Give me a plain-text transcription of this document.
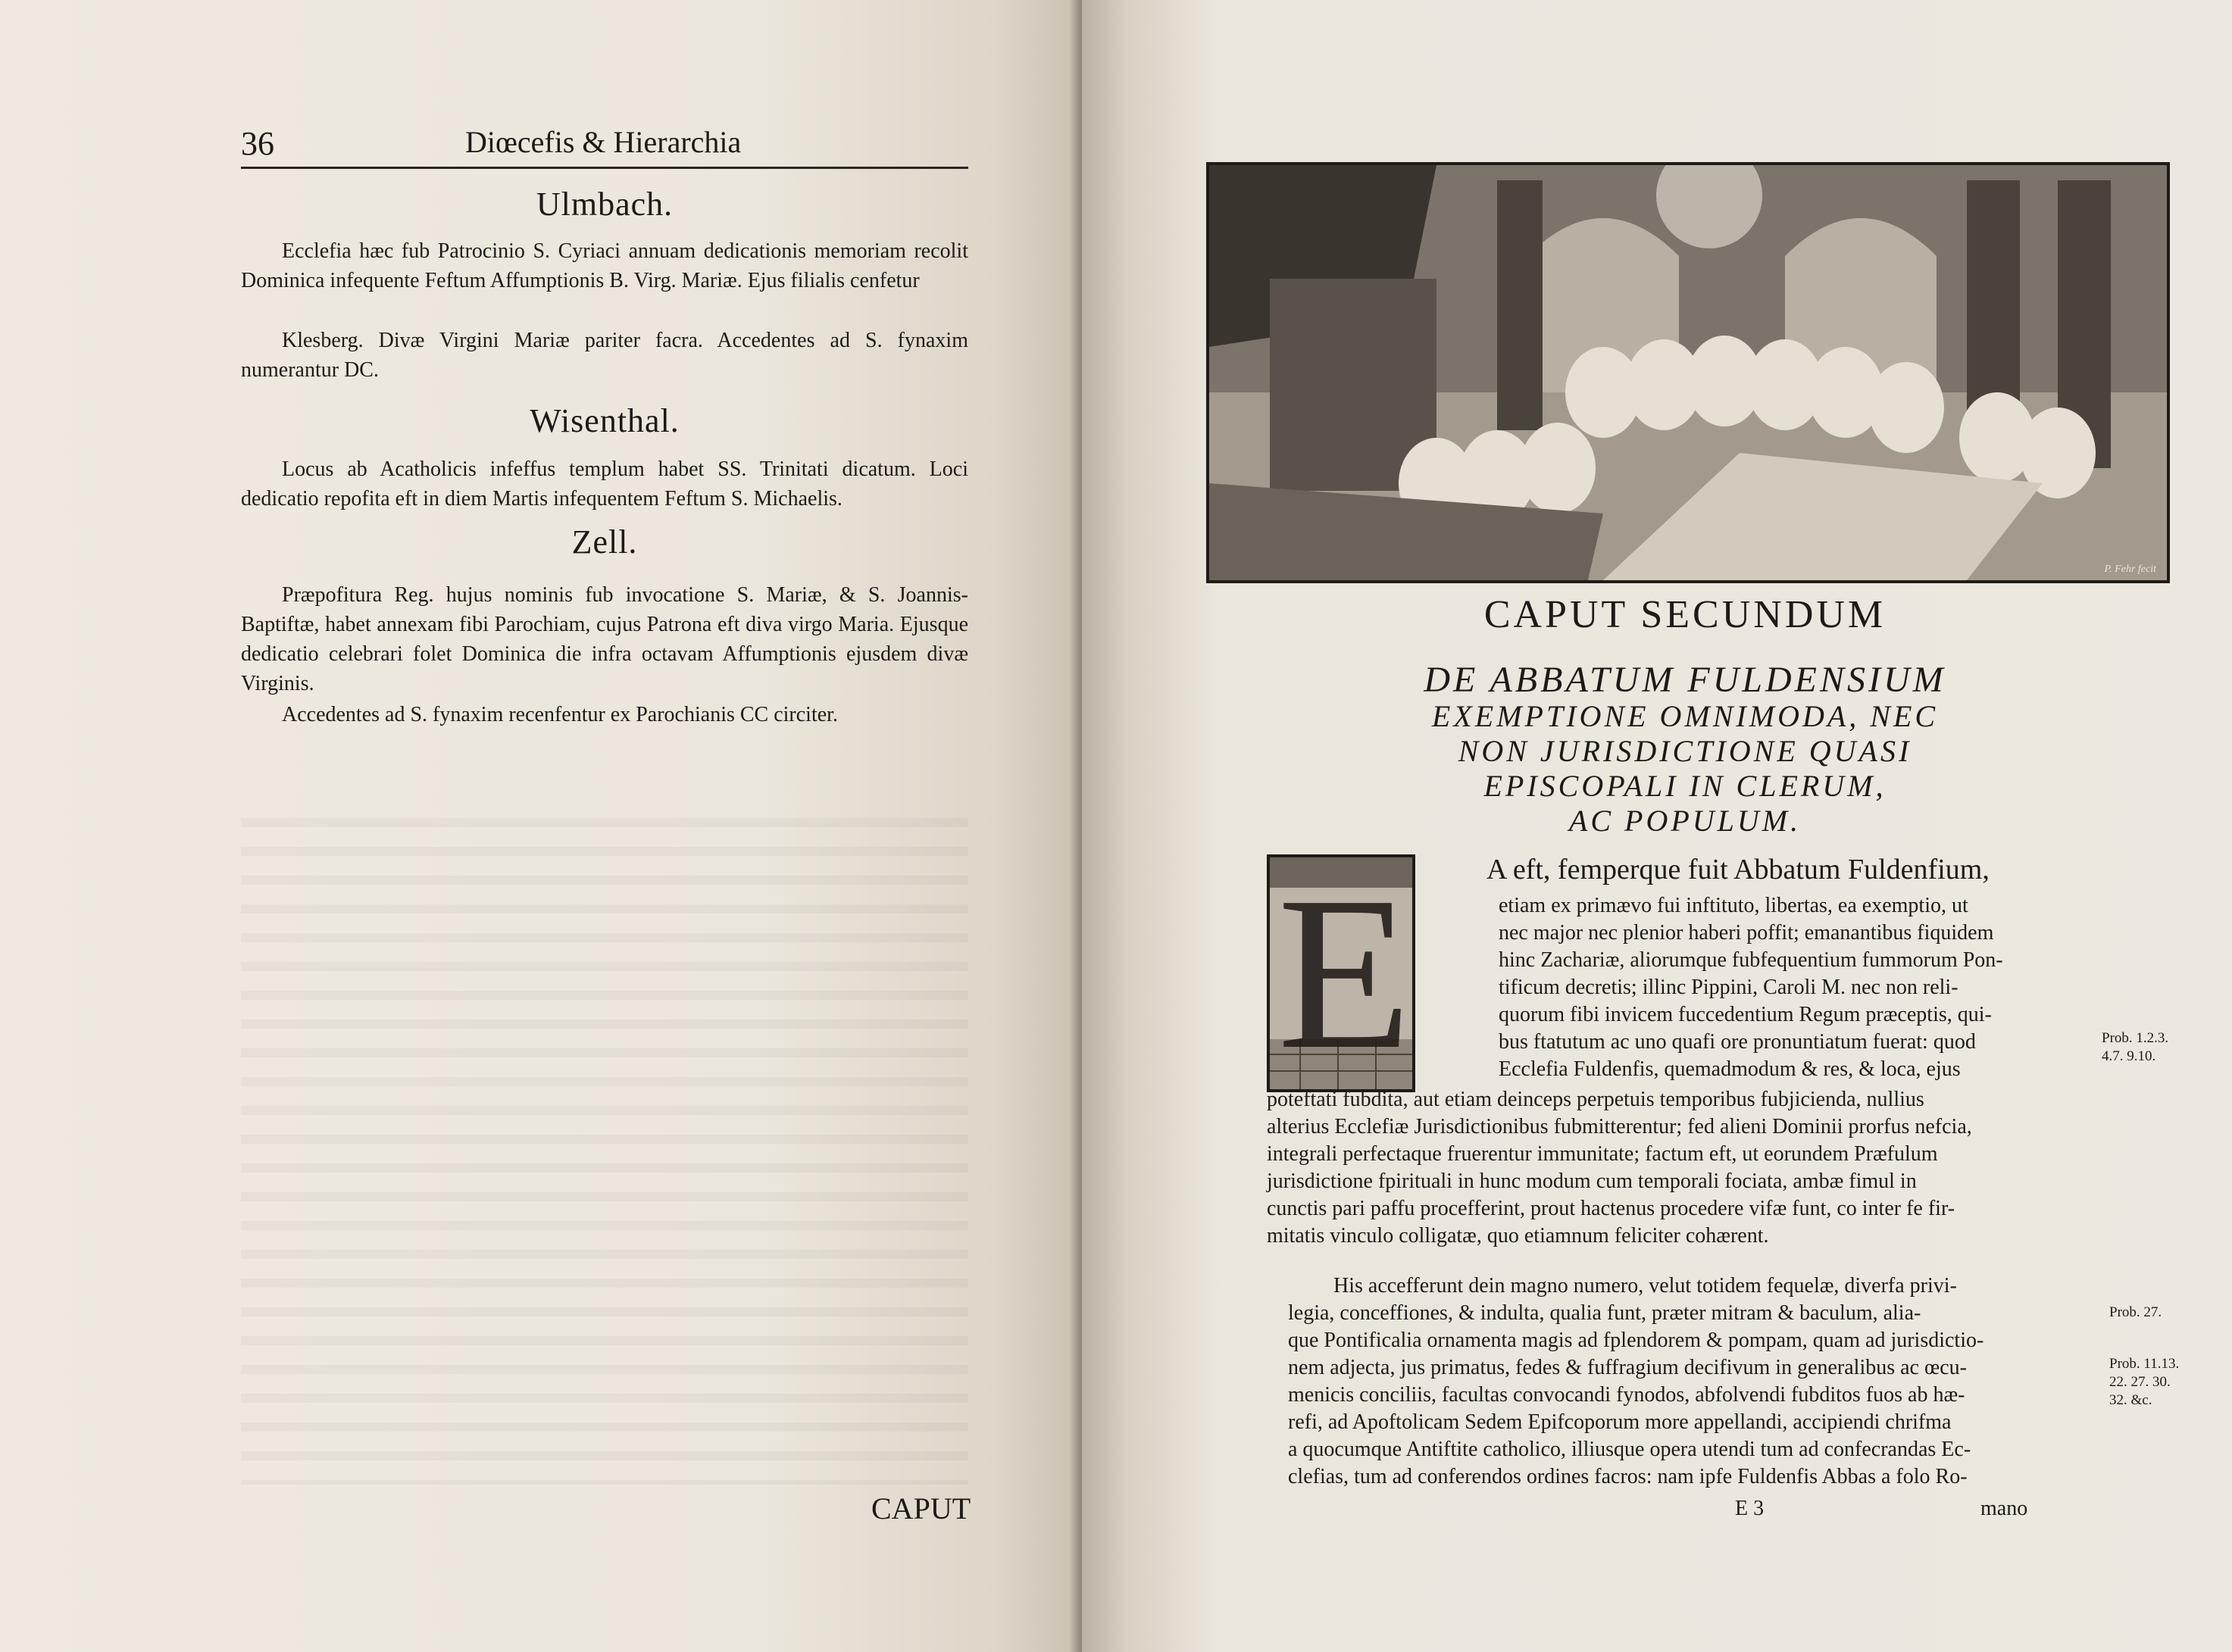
36	Diœcefis & Hierarchia
Ulmbach.
Ecclefia hæc fub Patrocinio S. Cyriaci annuam dedicationis memoriam recolit Dominica infequente Feftum Affumptionis B. Virg. Mariæ. Ejus filialis cenfetur
Klesberg. Divæ Virgini Mariæ pariter facra. Accedentes ad S. fynaxim numerantur DC.
Wisenthal.
Locus ab Acatholicis infeffus templum habet SS. Trinitati dicatum. Loci dedicatio repofita eft in diem Martis infequentem Feftum S. Michaelis.
Zell.
Præpofitura Reg. hujus nominis fub invocatione S. Mariæ, & S. Joannis-Baptiftæ, habet annexam fibi Parochiam, cujus Patrona eft diva virgo Maria. Ejusque dedicatio celebrari folet Dominica die infra octavam Affumptionis ejusdem divæ Virginis.
Accedentes ad S. fynaxim recenfentur ex Parochianis CC circiter.
CAPUT
P. Fehr fecit
CAPUT SECUNDUM
DE ABBATUM FULDENSIUM
EXEMPTIONE OMNIMODA, NEC
NON JURISDICTIONE QUASI
EPISCOPALI IN CLERUM,
AC POPULUM.
E	A eft, femperque fuit Abbatum Fuldenfium,
etiam ex primævo fui inftituto, libertas, ea exemptio, ut
nec major nec plenior haberi poffit; emanantibus fiquidem
hinc Zachariæ, aliorumque fubfequentium fummorum Pon-
tificum decretis; illinc Pippini, Caroli M. nec non reli-
quorum fibi invicem fuccedentium Regum præceptis, qui-
bus ftatutum ac uno quafi ore pronuntiatum fuerat: quod
Ecclefia Fuldenfis, quemadmodum & res, & loca, ejus
poteftati fubdita, aut etiam deinceps perpetuis temporibus fubjicienda, nullius
alterius Ecclefiæ Jurisdictionibus fubmitterentur; fed alieni Dominii prorfus nefcia,
integrali perfectaque fruerentur immunitate; factum eft, ut eorundem Præfulum
jurisdictione fpirituali in hunc modum cum temporali fociata, ambæ fimul in
cunctis pari paffu procefferint, prout hactenus procedere vifæ funt, co inter fe fir-
mitatis vinculo colligatæ, quo etiamnum feliciter cohærent.
His accefferunt dein magno numero, velut totidem fequelæ, diverfa privi-
legia, conceffiones, & indulta, qualia funt, præter mitram & baculum, alia-
que Pontificalia ornamenta magis ad fplendorem & pompam, quam ad jurisdictio-
nem adjecta, jus primatus, fedes & fuffragium decifivum in generalibus ac œcu-
menicis conciliis, facultas convocandi fynodos, abfolvendi fubditos fuos ab hæ-
refi, ad Apoftolicam Sedem Epifcoporum more appellandi, accipiendi chrifma
a quocumque Antiftite catholico, illiusque opera utendi tum ad confecrandas Ec-
clefias, tum ad conferendos ordines facros: nam ipfe Fuldenfis Abbas a folo Ro-
Prob. 1.2.3.
4.7. 9.10.
Prob. 27.
Prob. 11.13.
22. 27. 30.
32. &c.
E 3	mano
